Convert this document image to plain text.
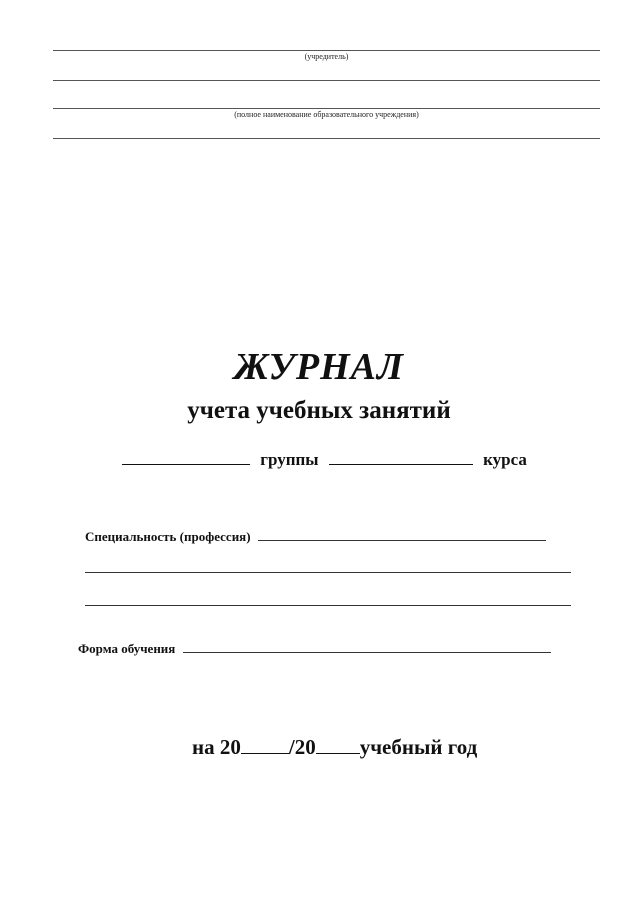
(учредитель)
(полное наименование образовательного учреждения)
ЖУРНАЛ
учета учебных занятий
группы	курса
Специальность (профессия)
Форма обучения
на 20 /20 учебный год
